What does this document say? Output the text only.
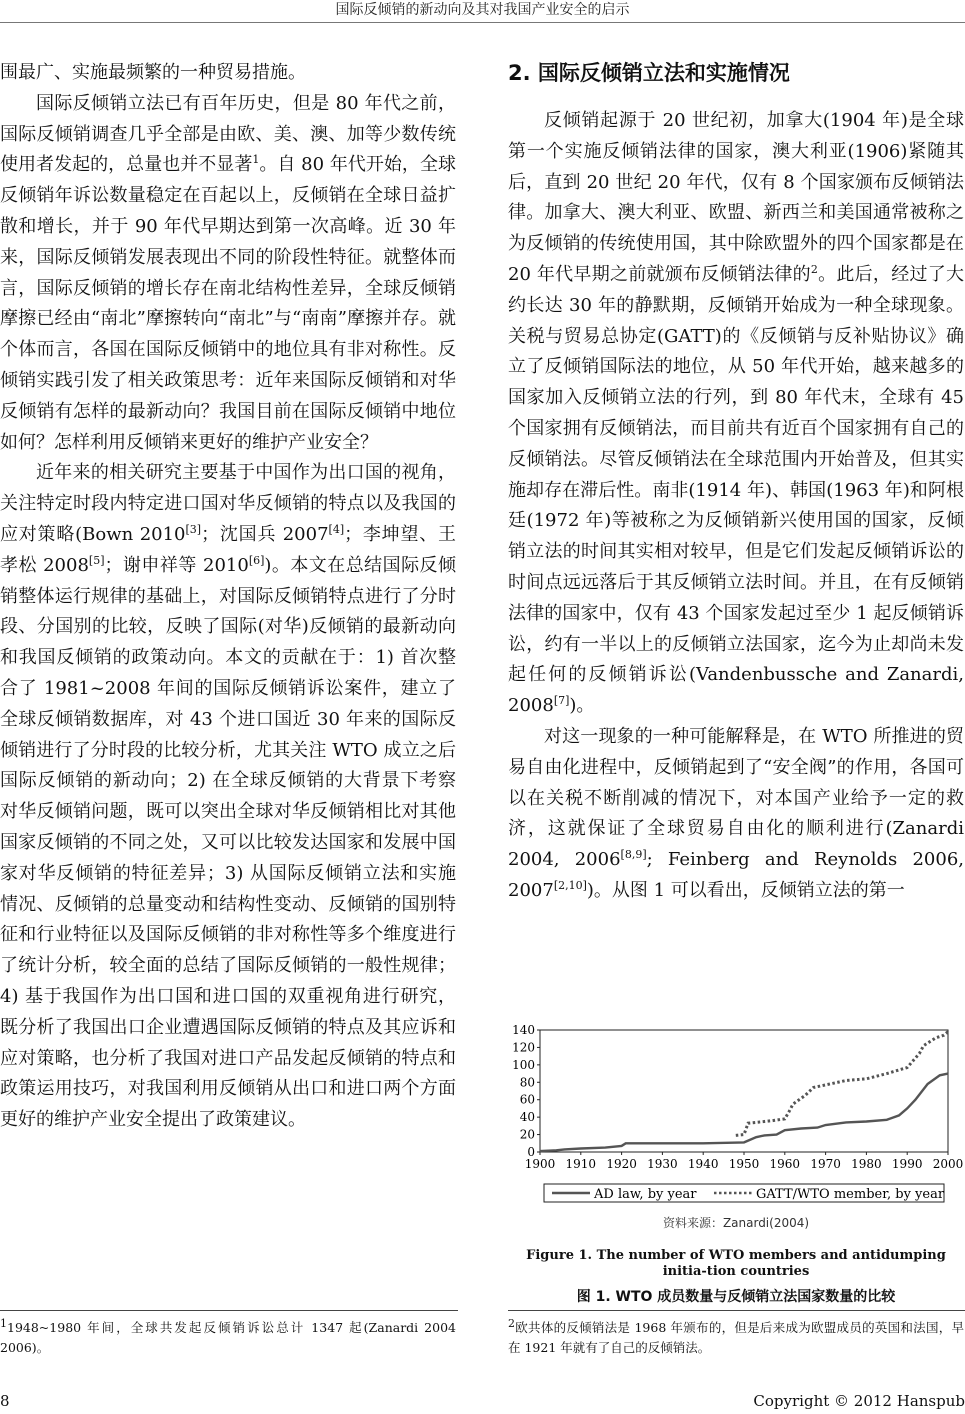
国际反倾销的新动向及其对我国产业安全的启示

围最广、实施最频繁的一种贸易措施。

国际反倾销立法已有百年历史，但是 80 年代之前，国际反倾销调查几乎全部是由欧、美、澳、加等少数传统使用者发起的，总量也并不显著$^1$。自 80 年代开始，全球反倾销年诉讼数量稳定在百起以上，反倾销在全球日益扩散和增长，并于 90 年代早期达到第一次高峰。近 30 年来，国际反倾销发展表现出不同的阶段性特征。就整体而言，国际反倾销的增长存在南北结构性差异，全球反倾销摩擦已经由“南北”摩擦转向“南北”与“南南”摩擦并存。就个体而言，各国在国际反倾销中的地位具有非对称性。反倾销实践引发了相关政策思考：近年来国际反倾销和对华反倾销有怎样的最新动向？我国目前在国际反倾销中地位如何？怎样利用反倾销来更好的维护产业安全？

近年来的相关研究主要基于中国作为出口国的视角，关注特定时段内特定进口国对华反倾销的特点以及我国的应对策略(Bown 2010[3]；沈国兵 2007[4]；李坤望、王孝松 2008[5]；谢申祥等 2010[6])。本文在总结国际反倾销整体运行规律的基础上，对国际反倾销特点进行了分时段、分国别的比较，反映了国际(对华)反倾销的最新动向和我国反倾销的政策动向。本文的贡献在于：1) 首次整合了 1981~2008 年间的国际反倾销诉讼案件，建立了全球反倾销数据库，对 43 个进口国近 30 年来的国际反倾销进行了分时段的比较分析，尤其关注 WTO 成立之后国际反倾销的新动向；2) 在全球反倾销的大背景下考察对华反倾销问题，既可以突出全球对华反倾销相比对其他国家反倾销的不同之处，又可以比较发达国家和发展中国家对华反倾销的特征差异；3) 从国际反倾销立法和实施情况、反倾销的总量变动和结构性变动、反倾销的国别特征和行业特征以及国际反倾销的非对称性等多个维度进行了统计分析，较全面的总结了国际反倾销的一般性规律；4) 基于我国作为出口国和进口国的双重视角进行研究，既分析了我国出口企业遭遇国际反倾销的特点及其应诉和应对策略，也分析了我国对进口产品发起反倾销的特点和政策运用技巧，对我国利用反倾销从出口和进口两个方面更好的维护产业安全提出了政策建议。

2. 国际反倾销立法和实施情况

反倾销起源于 20 世纪初，加拿大(1904 年)是全球第一个实施反倾销法律的国家，澳大利亚(1906)紧随其后，直到 20 世纪 20 年代，仅有 8 个国家颁布反倾销法律。加拿大、澳大利亚、欧盟、新西兰和美国通常被称之为反倾销的传统使用国，其中除欧盟外的四个国家都是在 20 年代早期之前就颁布反倾销法律的$^2$。此后，经过了大约长达 30 年的静默期，反倾销开始成为一种全球现象。关税与贸易总协定(GATT)的《反倾销与反补贴协议》确立了反倾销国际法的地位，从 50 年代开始，越来越多的国家加入反倾销立法的行列，到 80 年代末，全球有 45 个国家拥有反倾销法，而目前共有近百个国家拥有自己的反倾销法。尽管反倾销法在全球范围内开始普及，但其实施却存在滞后性。南非(1914 年)、韩国(1963 年)和阿根廷(1972 年)等被称之为反倾销新兴使用国的国家，反倾销立法的时间其实相对较早，但是它们发起反倾销诉讼的时间点远远落后于其反倾销立法时间。并且，在有反倾销法律的国家中，仅有 43 个国家发起过至少 1 起反倾销诉讼，约有一半以上的反倾销立法国家，迄今为止却尚未发起任何的反倾销诉讼(Vandenbussche and Zanardi, 2008[7])。

对这一现象的一种可能解释是，在 WTO 所推进的贸易自由化进程中，反倾销起到了“安全阀”的作用，各国可以在关税不断削减的情况下，对本国产业给予一定的救济，这就保证了全球贸易自由化的顺利进行(Zanardi 2004, 2006[8,9]; Feinberg and Reynolds 2006, 2007[2,10])。从图 1 可以看出，反倾销立法的第一

0
20
40
60
80
100
120
140
1900 1910 1920 1930 1940 1950 1960 1970 1980 1990 2000
AD law, by year	GATT/WTO member, by year
资料来源：Zanardi(2004)
Figure 1. The number of WTO members and antidumping initia-tion countries
图 1. WTO 成员数量与反倾销立法国家数量的比较
$^1$1948~1980 年间，全球共发起反倾销诉讼总计 1347 起(Zanardi 2004 2006)。
$^2$欧共体的反倾销法是 1968 年颁布的，但是后来成为欧盟成员的英国和法国，早在 1921 年就有了自己的反倾销法。
8	Copyright © 2012 Hanspub
